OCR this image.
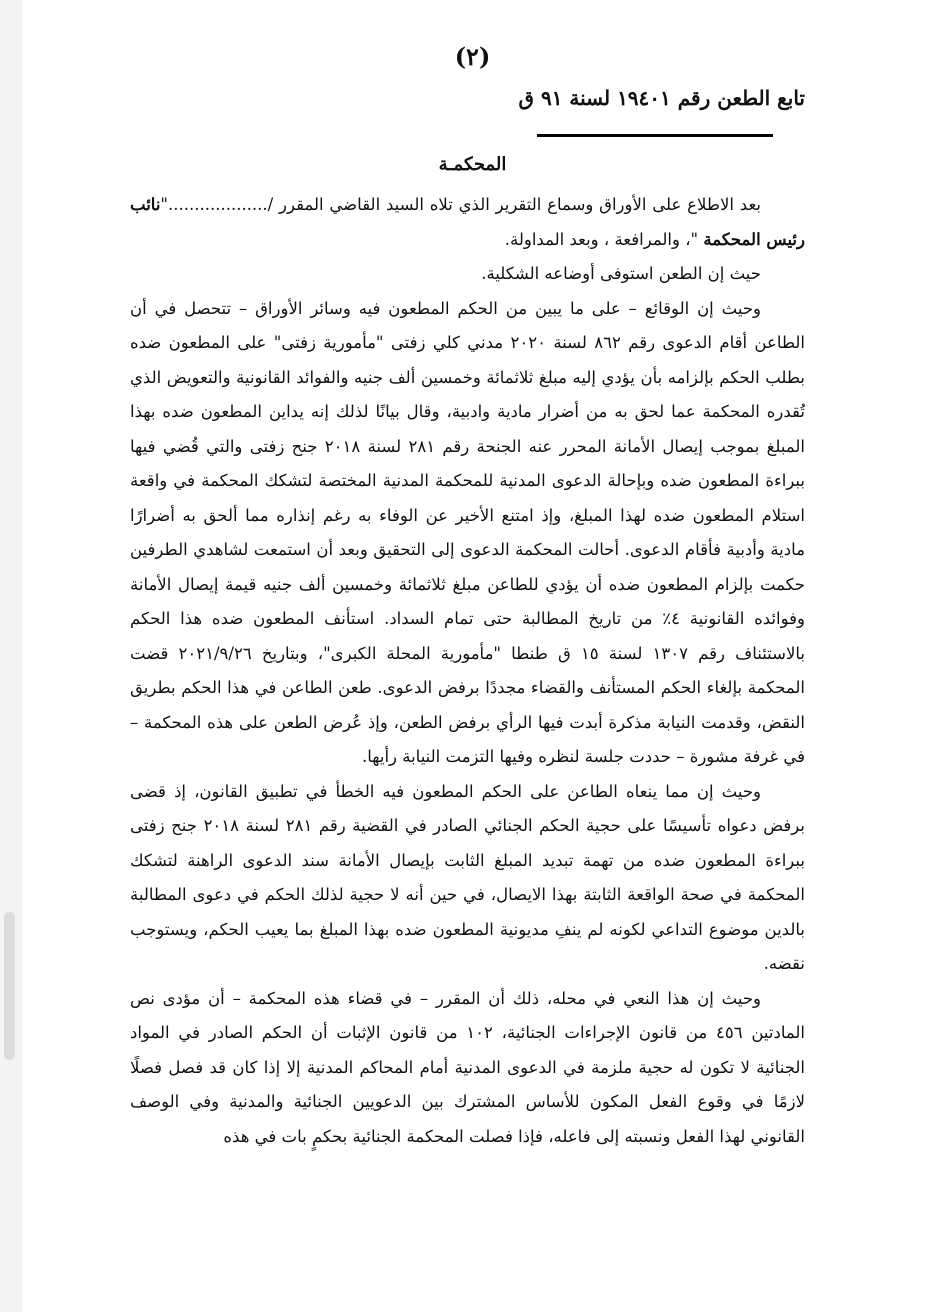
(٢)
تابع الطعن رقم ١٩٤٠١ لسنة ٩١ ق
المحكمـة

بعد الاطلاع على الأوراق وسماع التقرير الذي تلاه السيد القاضي المقرر /..................."نائب رئيس المحكمة "، والمرافعة ، وبعد المداولة.

حيث إن الطعن استوفى أوضاعه الشكلية.

وحيث إن الوقائع – على ما يبين من الحكم المطعون فيه وسائر الأوراق – تتحصل في أن الطاعن أقام الدعوى رقم ٨٦٢ لسنة ٢٠٢٠ مدني كلي زفتى "مأمورية زفتى" على المطعون ضده بطلب الحكم بإلزامه بأن يؤدي إليه مبلغ ثلاثمائة وخمسين ألف جنيه والفوائد القانونية والتعويض الذي تُقدره المحكمة عما لحق به من أضرار مادية وادبية، وقال بيانًا لذلك إنه يداين المطعون ضده بهذا المبلغ بموجب إيصال الأمانة المحرر عنه الجنحة رقم ٢٨١ لسنة ٢٠١٨ جنح زفتى والتي قُضي فيها ببراءة المطعون ضده وبإحالة الدعوى المدنية للمحكمة المدنية المختصة لتشكك المحكمة في واقعة استلام المطعون ضده لهذا المبلغ، وإذ امتنع الأخير عن الوفاء به رغم إنذاره مما ألحق به أضرارًا مادية وأدبية فأقام الدعوى. أحالت المحكمة الدعوى إلى التحقيق وبعد أن استمعت لشاهدي الطرفين حكمت بإلزام المطعون ضده أن يؤدي للطاعن مبلغ ثلاثمائة وخمسين ألف جنيه قيمة إيصال الأمانة وفوائده القانونية ٤٪ من تاريخ المطالبة حتى تمام السداد. استأنف المطعون ضده هذا الحكم بالاستئناف رقم ١٣٠٧ لسنة ١٥ ق طنطا "مأمورية المحلة الكبرى"، وبتاريخ ٢٠٢١/٩/٢٦ قضت المحكمة بإلغاء الحكم المستأنف والقضاء مجددًا برفض الدعوى. طعن الطاعن في هذا الحكم بطريق النقض، وقدمت النيابة مذكرة أبدت فيها الرأي برفض الطعن، وإذ عُرض الطعن على هذه المحكمة – في غرفة مشورة – حددت جلسة لنظره وفيها التزمت النيابة رأيها.

وحيث إن مما ينعاه الطاعن على الحكم المطعون فيه الخطأ في تطبيق القانون، إذ قضى برفض دعواه تأسيسًا على حجية الحكم الجنائي الصادر في القضية رقم ٢٨١ لسنة ٢٠١٨ جنح زفتى ببراءة المطعون ضده من تهمة تبديد المبلغ الثابت بإيصال الأمانة سند الدعوى الراهنة لتشكك المحكمة في صحة الواقعة الثابتة بهذا الايصال، في حين أنه لا حجية لذلك الحكم في دعوى المطالبة بالدين موضوع التداعي لكونه لم ينفِ مديونية المطعون ضده بهذا المبلغ بما يعيب الحكم، ويستوجب نقضه.

وحيث إن هذا النعي في محله، ذلك أن المقرر – في قضاء هذه المحكمة – أن مؤدى نص المادتين ٤٥٦ من قانون الإجراءات الجنائية، ١٠٢ من قانون الإثبات أن الحكم الصادر في المواد الجنائية لا تكون له حجية ملزمة في الدعوى المدنية أمام المحاكم المدنية إلا إذا كان قد فصل فصلًا لازمًا في وقوع الفعل المكون للأساس المشترك بين الدعويين الجنائية والمدنية وفي الوصف القانوني لهذا الفعل ونسبته إلى فاعله، فإذا فصلت المحكمة الجنائية بحكمٍ بات في هذه
